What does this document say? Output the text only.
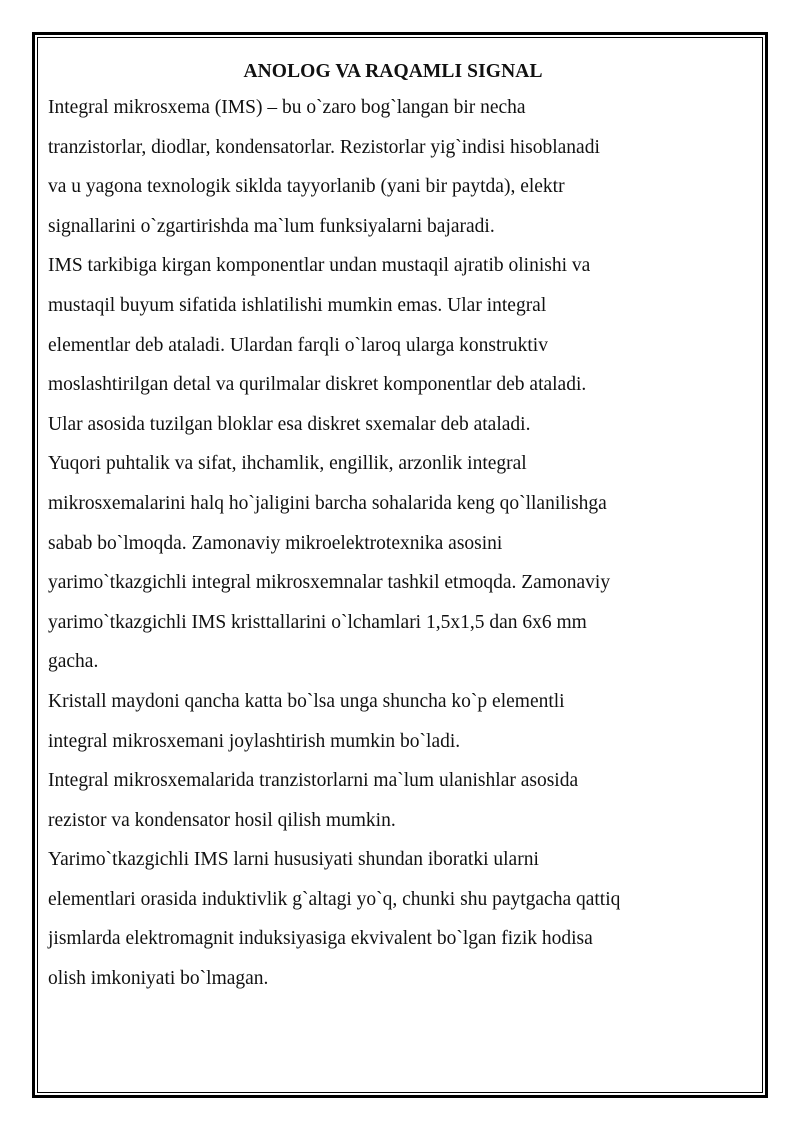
ANOLOG VA RAQAMLI SIGNAL

Integral mikrosxema (IMS) – bu o`zaro bog`langan bir necha

tranzistorlar, diodlar, kondensatorlar. Rezistorlar yig`indisi hisoblanadi

va u yagona texnologik siklda tayyorlanib (yani bir paytda), elektr

signallarini o`zgartirishda ma`lum funksiyalarni bajaradi.

IMS tarkibiga kirgan komponentlar undan mustaqil ajratib olinishi va

mustaqil buyum sifatida ishlatilishi mumkin emas. Ular integral

elementlar deb ataladi. Ulardan farqli o`laroq ularga konstruktiv

moslashtirilgan detal va qurilmalar diskret komponentlar deb ataladi.

Ular asosida tuzilgan bloklar esa diskret sxemalar deb ataladi.

Yuqori puhtalik va sifat, ihchamlik, engillik, arzonlik integral

mikrosxemalarini halq ho`jaligini barcha sohalarida keng qo`llanilishga

sabab bo`lmoqda. Zamonaviy mikroelektrotexnika asosini

yarimo`tkazgichli integral mikrosxemnalar tashkil etmoqda. Zamonaviy

yarimo`tkazgichli IMS kristtallarini o`lchamlari 1,5x1,5 dan 6x6 mm

gacha.

Kristall maydoni qancha katta bo`lsa unga shuncha ko`p elementli

integral mikrosxemani joylashtirish mumkin bo`ladi.

Integral mikrosxemalarida tranzistorlarni ma`lum ulanishlar asosida

rezistor va kondensator hosil qilish mumkin.

Yarimo`tkazgichli IMS larni hususiyati shundan iboratki ularni

elementlari orasida induktivlik g`altagi yo`q, chunki shu paytgacha qattiq

jismlarda elektromagnit induksiyasiga ekvivalent bo`lgan fizik hodisa

olish imkoniyati bo`lmagan.
